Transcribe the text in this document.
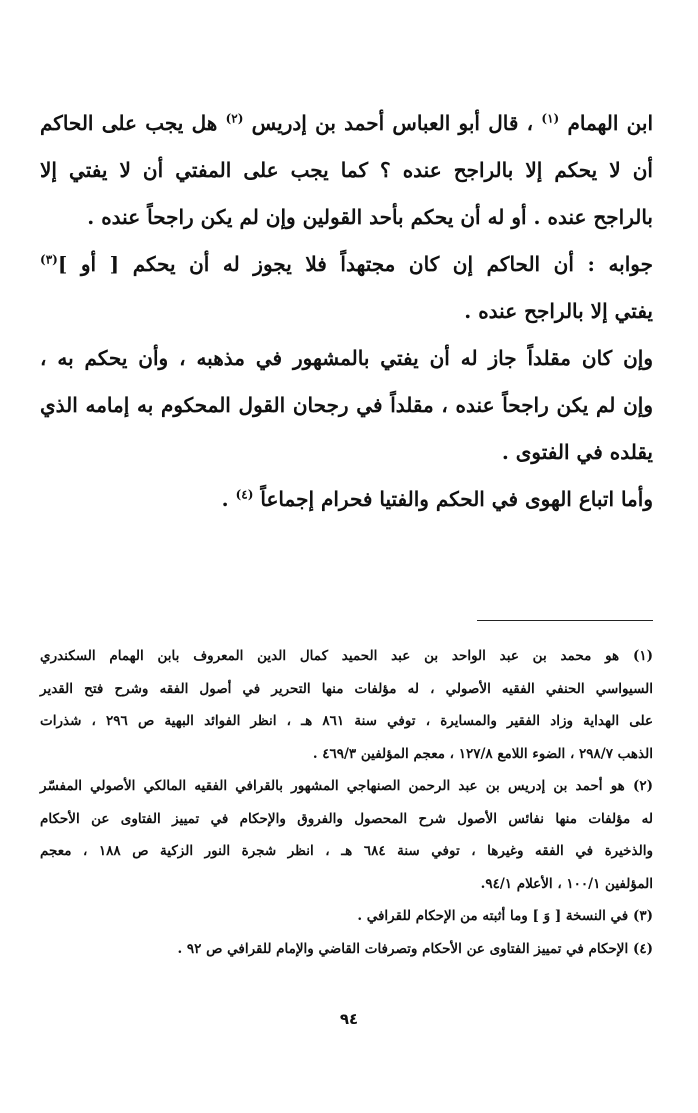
ابن الهمام $^{(١)}$ ، قال أبو العباس أحمد بن إدريس $^{(٢)}$ هل يجب على الحاكم

أن لا يحكم إلا بالراجح عنده ؟ كما يجب على المفتي أن لا يفتي إلا

بالراجح عنده . أو له أن يحكم بأحد القولين وإن لم يكن راجحاً عنده .

جوابه : أن الحاكم إن كان مجتهداً فلا يجوز له أن يحكم [ أو ]$^{(٣)}$

يفتي إلا بالراجح عنده .

وإن كان مقلداً جاز له أن يفتي بالمشهور في مذهبه ، وأن يحكم به ،

وإن لم يكن راجحاً عنده ، مقلداً في رجحان القول المحكوم به إمامه الذي

يقلده في الفتوى .

وأما اتباع الهوى في الحكم والفتيا فحرام إجماعاً $^{(٤)}$ .

(١) هو محمد بن عبد الواحد بن عبد الحميد كمال الدين المعروف بابن الهمام السكندري
السيواسي الحنفي الفقيه الأصولي ، له مؤلفات منها التحرير في أصول الفقه وشرح فتح القدير
على الهداية وزاد الفقير والمسايرة ، توفي سنة ٨٦١ هـ ، انظر الفوائد البهية ص ٢٩٦ ، شذرات
الذهب ٢٩٨/٧ ، الضوء اللامع ١٢٧/٨ ، معجم المؤلفين ٤٦٩/٣ .
(٢) هو أحمد بن إدريس بن عبد الرحمن الصنهاجي المشهور بالقرافي الفقيه المالكي الأصولي المفسّر
له مؤلفات منها نفائس الأصول شرح المحصول والفروق والإحكام في تمييز الفتاوى عن الأحكام
والذخيرة في الفقه وغيرها ، توفي سنة ٦٨٤ هـ ، انظر شجرة النور الزكية ص ١٨٨ ، معجم
المؤلفين ١٠٠/١ ، الأعلام ٩٤/١.
(٣) في النسخة [ وَ ] وما أثبته من الإحكام للقرافي .
(٤) الإحكام في تمييز الفتاوى عن الأحكام وتصرفات القاضي والإمام للقرافي ص ٩٢ .
٩٤
